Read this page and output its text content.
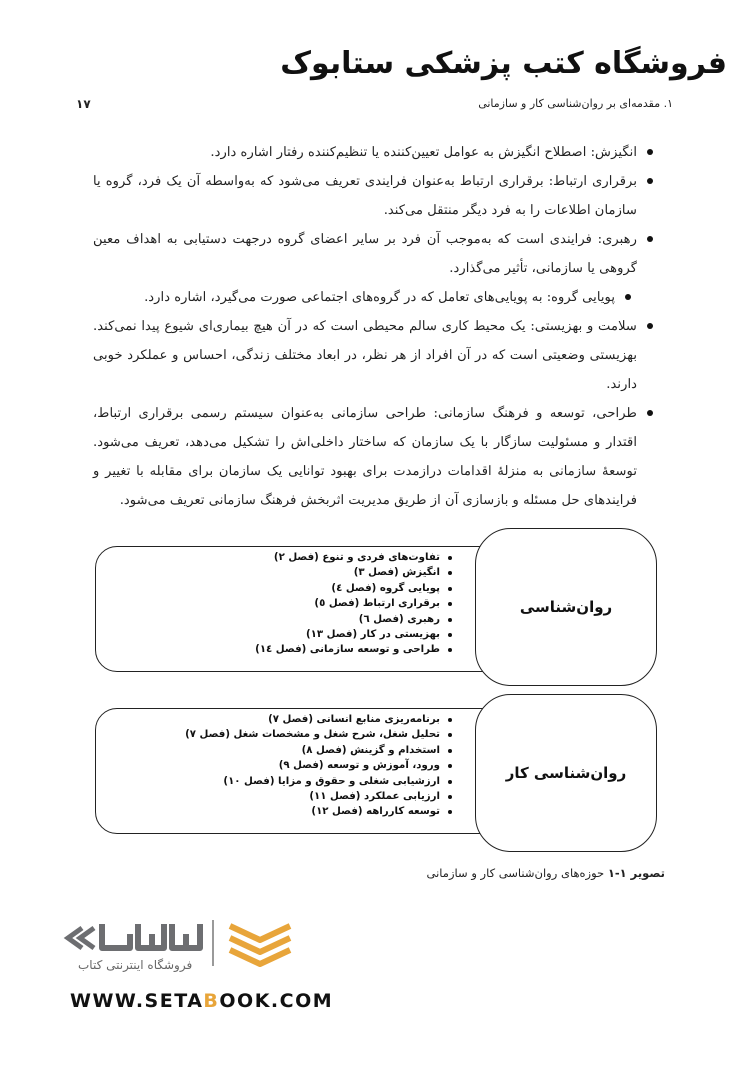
فروشگاه کتب پزشکی ستابوک
۱. مقدمه‌ای بر روان‌شناسی کار و سازمانی
۱۷
انگیزش: اصطلاح انگیزش به عوامل تعیین‌کننده یا تنظیم‌کننده رفتار اشاره دارد.
برقراری ارتباط: برقراری ارتباط به‌عنوان فرایندی تعریف می‌شود که به‌واسطه آن یک فرد، گروه یا سازمان اطلاعات را به فرد دیگر منتقل می‌کند.
رهبری: فرایندی است که به‌موجب آن فرد بر سایر اعضای گروه درجهت دستیابی به اهداف معین گروهی یا سازمانی، تأثیر می‌گذارد.
پویایی گروه: به پویایی‌های تعامل که در گروه‌های اجتماعی صورت می‌گیرد، اشاره دارد.
سلامت و بهزیستی: یک محیط کاری سالم محیطی است که در آن هیچ بیماری‌ای شیوع پیدا نمی‌کند. بهزیستی وضعیتی است که در آن افراد از هر نظر، در ابعاد مختلف زندگی، احساس و عملکرد خوبی دارند.
طراحی، توسعه و فرهنگ سازمانی: طراحی سازمانی به‌عنوان سیستم رسمی برقراری ارتباط، اقتدار و مسئولیت سازگار با یک سازمان که ساختار داخلی‌اش را تشکیل می‌دهد، تعریف می‌شود. توسعهٔ سازمانی به منزلهٔ اقدامات درازمدت برای بهبود توانایی یک سازمان برای مقابله با تغییر و فرایندهای حل مسئله و بازسازی آن از طریق مدیریت اثربخش فرهنگ سازمانی تعریف می‌شود.
تفاوت‌های فردی و تنوع (فصل ۲)
انگیزش (فصل ۳)
پویایی گروه (فصل ٤)
برقراری ارتباط (فصل ٥)
رهبری (فصل ٦)
بهزیستی در کار (فصل ۱۳)
طراحی و توسعه سازمانی (فصل ۱٤)
روان‌شناسی
برنامه‌ریزی منابع انسانی (فصل ۷)
تحلیل شغل، شرح شغل و مشخصات شغل (فصل ۷)
استخدام و گزینش (فصل ۸)
ورود، آموزش و توسعه (فصل ۹)
ارزشیابی شغلی و حقوق و مزایا (فصل ۱۰)
ارزیابی عملکرد (فصل ۱۱)
توسعه کارراهه (فصل ۱۲)
روان‌شناسی کار
تصویر ۱-۱ حوزه‌های روان‌شناسی کار و سازمانی
فروشگاه اینترنتی کتاب
WWW.SETABOOK.COM
